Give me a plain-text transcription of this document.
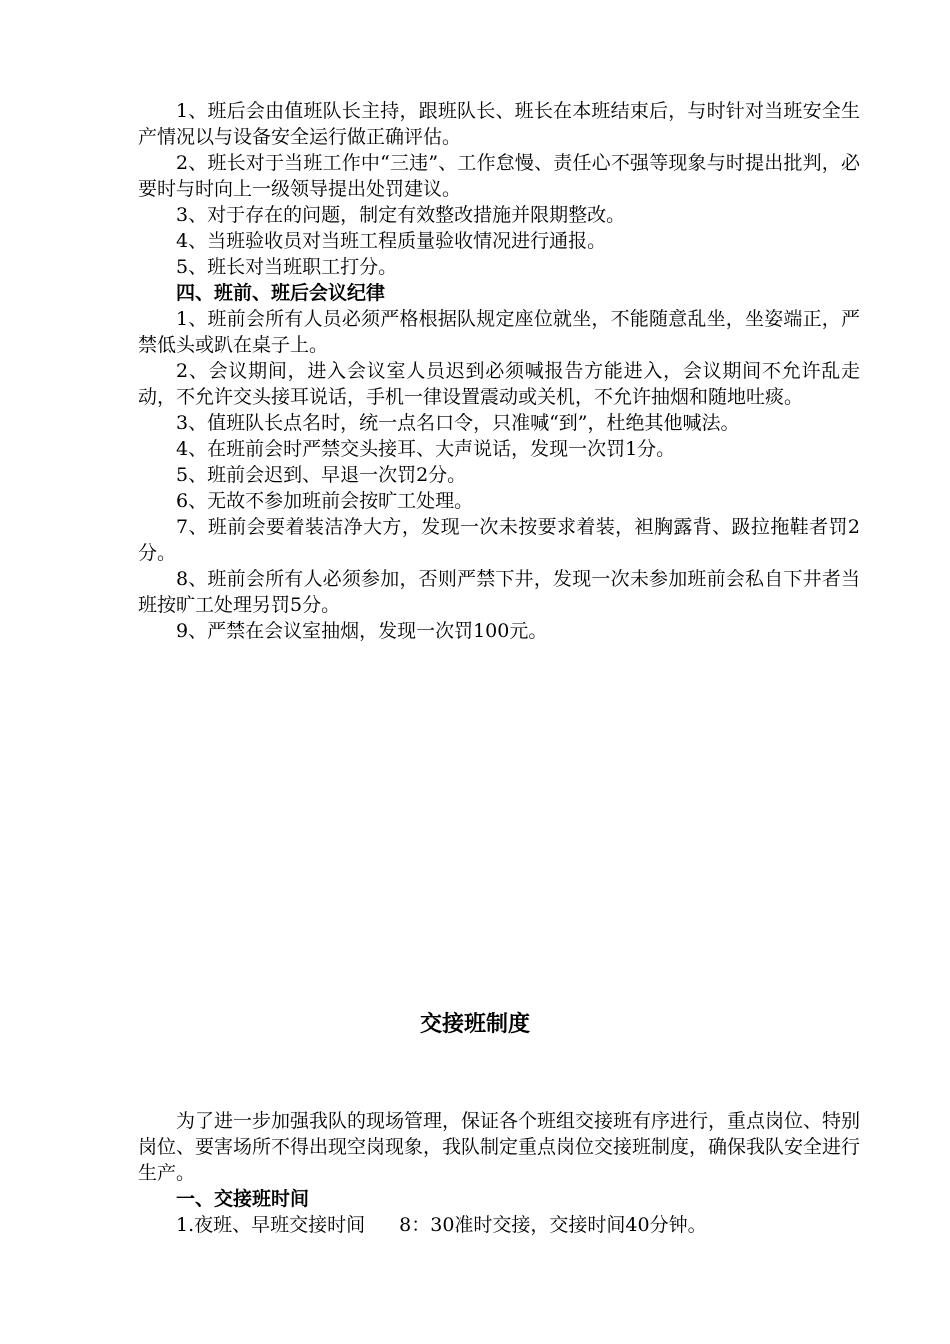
1、班后会由值班队长主持，跟班队长、班长在本班结束后，与时针对当班安全生产情况以与设备安全运行做正确评估。

2、班长对于当班工作中“三违”、工作怠慢、责任心不强等现象与时提出批判，必要时与时向上一级领导提出处罚建议。

3、对于存在的问题，制定有效整改措施并限期整改。

4、当班验收员对当班工程质量验收情况进行通报。

5、班长对当班职工打分。

四、班前、班后会议纪律

1、班前会所有人员必须严格根据队规定座位就坐，不能随意乱坐，坐姿端正，严禁低头或趴在桌子上。

2、会议期间，进入会议室人员迟到必须喊报告方能进入，会议期间不允许乱走动，不允许交头接耳说话，手机一律设置震动或关机，不允许抽烟和随地吐痰。

3、值班队长点名时，统一点名口令，只准喊“到”，杜绝其他喊法。

4、在班前会时严禁交头接耳、大声说话，发现一次罚1分。

5、班前会迟到、早退一次罚2分。

6、无故不参加班前会按旷工处理。

7、班前会要着装洁净大方，发现一次未按要求着装，袒胸露背、趿拉拖鞋者罚2分。

8、班前会所有人必须参加，否则严禁下井，发现一次未参加班前会私自下井者当班按旷工处理另罚5分。

9、严禁在会议室抽烟，发现一次罚100元。

交接班制度

为了进一步加强我队的现场管理，保证各个班组交接班有序进行，重点岗位、特别岗位、要害场所不得出现空岗现象，我队制定重点岗位交接班制度，确保我队安全进行生产。

一、交接班时间

1.夜班、早班交接时间 8：30准时交接，交接时间40分钟。
